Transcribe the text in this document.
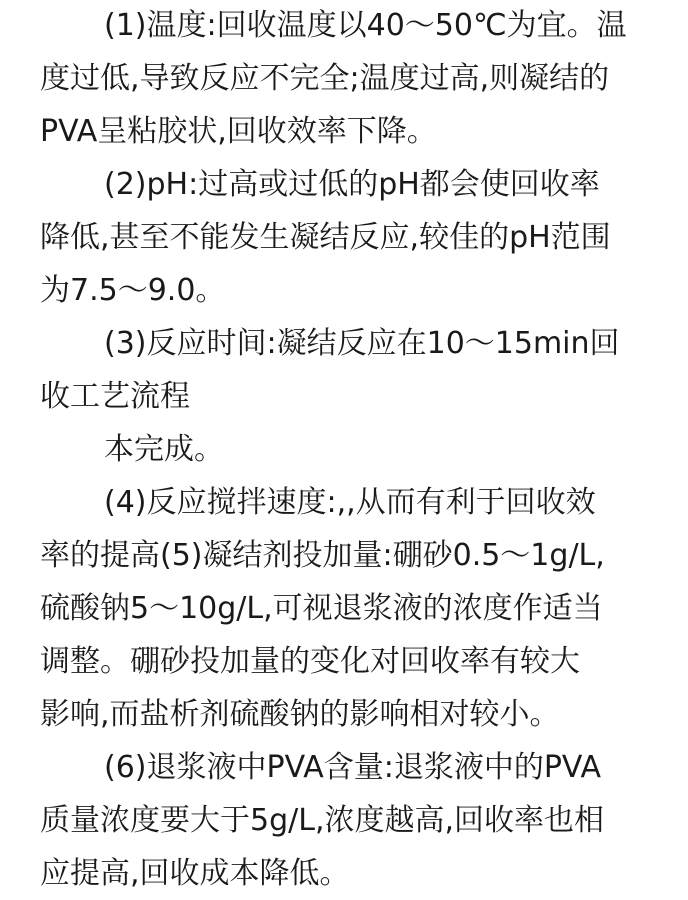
(1)温度:回收温度以40～50℃为宜。温
度过低,导致反应不完全;温度过高,则凝结的
PVA呈粘胶状,回收效率下降。
(2)pH:过高或过低的pH都会使回收率
降低,甚至不能发生凝结反应,较佳的pH范围
为7.5～9.0。
(3)反应时间:凝结反应在10～15min回
收工艺流程
本完成。
(4)反应搅拌速度:,,从而有利于回收效
率的提高(5)凝结剂投加量:硼砂0.5～1g/L,
硫酸钠5～10g/L,可视退浆液的浓度作适当
调整。硼砂投加量的变化对回收率有较大
影响,而盐析剂硫酸钠的影响相对较小。
(6)退浆液中PVA含量:退浆液中的PVA
质量浓度要大于5g/L,浓度越高,回收率也相
应提高,回收成本降低。
